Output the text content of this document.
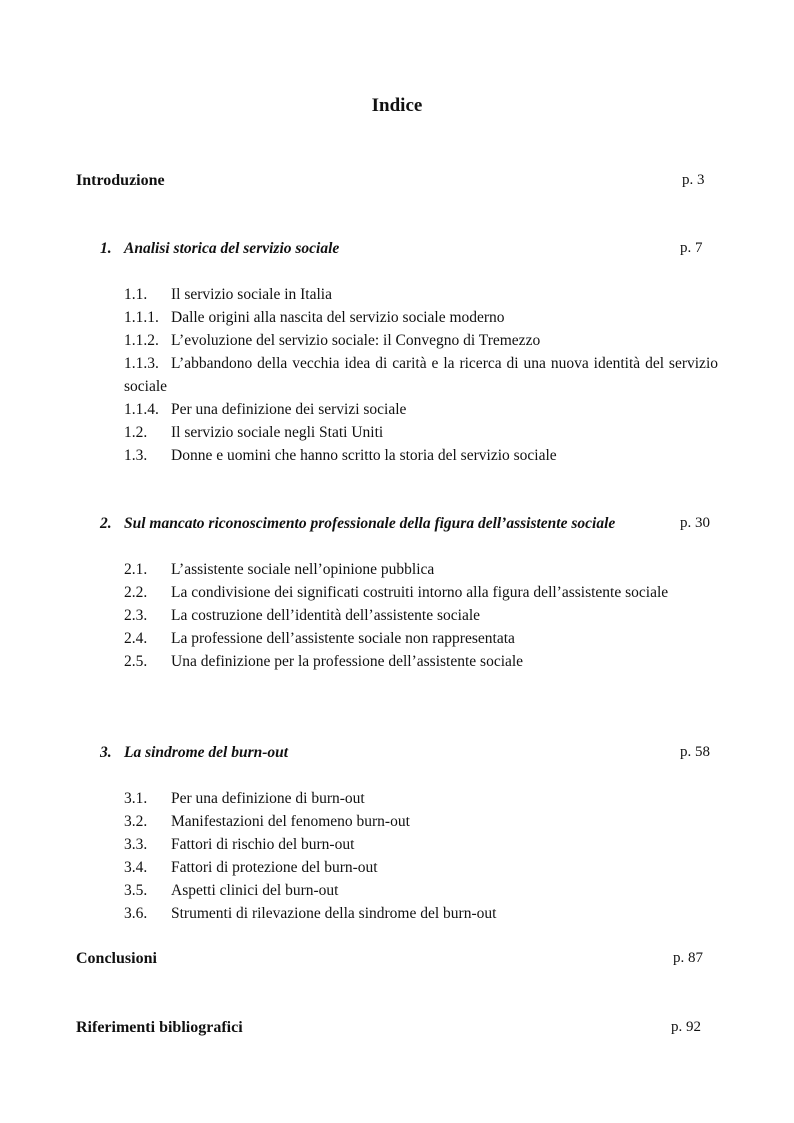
Indice
Introduzione	p. 3
1. Analisi storica del servizio sociale	p. 7
1.1.	Il servizio sociale in Italia
1.1.1. Dalle origini alla nascita del servizio sociale moderno
1.1.2. L’evoluzione del servizio sociale: il Convegno di Tremezzo
1.1.3. L’abbandono della vecchia idea di carità e la ricerca di una nuova identità del servizio sociale
1.1.4. Per una definizione dei servizi sociale
1.2.	Il servizio sociale negli Stati Uniti
1.3.	Donne e uomini che hanno scritto la storia del servizio sociale
2. Sul mancato riconoscimento professionale della figura dell’assistente sociale	p. 30
2.1.	L’assistente sociale nell’opinione pubblica
2.2.	La condivisione dei significati costruiti intorno alla figura dell’assistente sociale
2.3.	La costruzione dell’identità dell’assistente sociale
2.4.	La professione dell’assistente sociale non rappresentata
2.5.	Una definizione per la professione dell’assistente sociale
3. La sindrome del burn-out	p. 58
3.1.	Per una definizione di burn-out
3.2.	Manifestazioni del fenomeno burn-out
3.3.	Fattori di rischio del burn-out
3.4.	Fattori di protezione del burn-out
3.5.	Aspetti clinici del burn-out
3.6.	Strumenti di rilevazione della sindrome del burn-out
Conclusioni	p. 87
Riferimenti bibliografici	p. 92
